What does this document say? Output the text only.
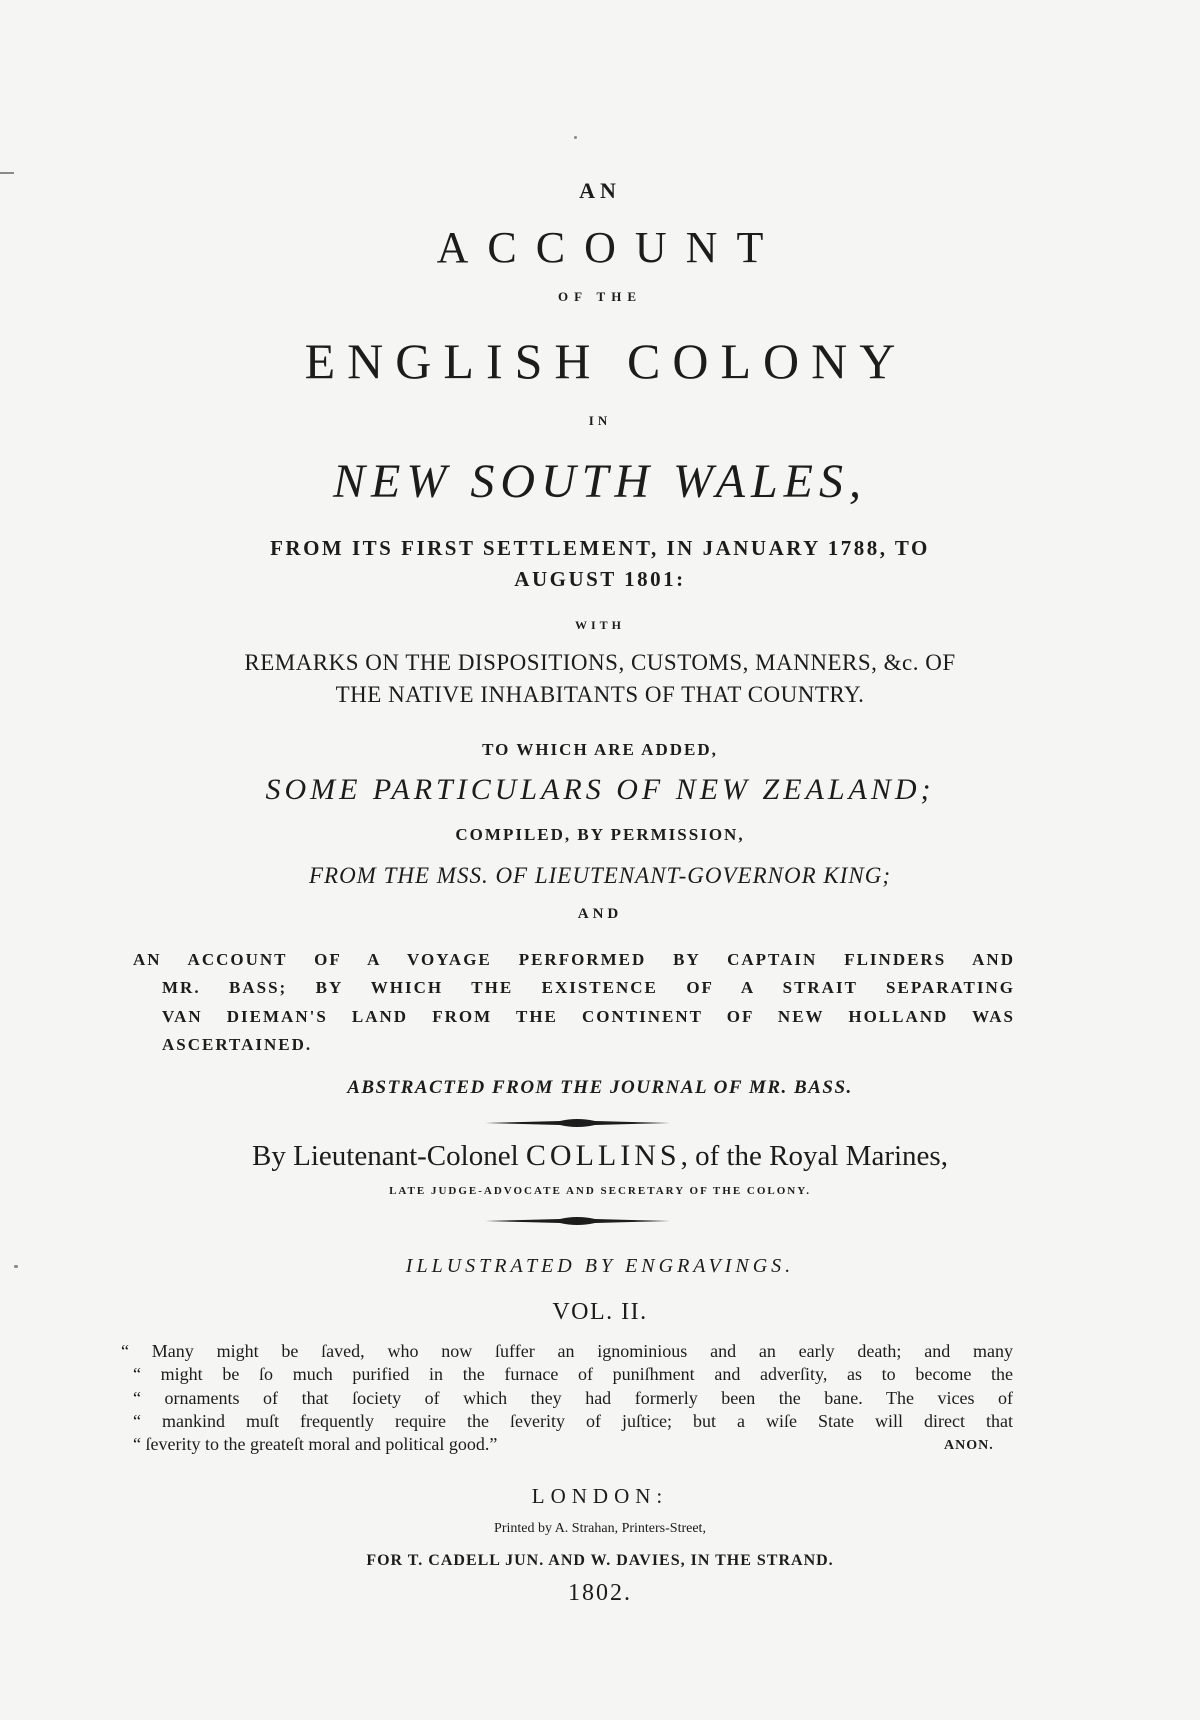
AN
ACCOUNT
OF THE
ENGLISH COLONY
IN
NEW SOUTH WALES,
FROM ITS FIRST SETTLEMENT, IN JANUARY 1788, TO
AUGUST 1801:
WITH
REMARKS ON THE DISPOSITIONS, CUSTOMS, MANNERS, &c. OF
THE NATIVE INHABITANTS OF THAT COUNTRY.
TO WHICH ARE ADDED,
SOME PARTICULARS OF NEW ZEALAND;
COMPILED, BY PERMISSION,
FROM THE MSS. OF LIEUTENANT-GOVERNOR KING;
AND
AN ACCOUNT OF A VOYAGE PERFORMED BY CAPTAIN FLINDERS AND
MR. BASS; BY WHICH THE EXISTENCE OF A STRAIT SEPARATING
VAN DIEMAN'S LAND FROM THE CONTINENT OF NEW HOLLAND WAS
ASCERTAINED.
ABSTRACTED FROM THE JOURNAL OF MR. BASS.
By Lieutenant-Colonel COLLINS, of the Royal Marines,
LATE JUDGE-ADVOCATE AND SECRETARY OF THE COLONY.
ILLUSTRATED BY ENGRAVINGS.
VOL. II.
“ Many might be ſaved, who now ſuffer an ignominious and an early death; and many
“ might be ſo much purified in the furnace of puniſhment and adverſity, as to become the
“ ornaments of that ſociety of which they had formerly been the bane. The vices of
“ mankind muſt frequently require the ſeverity of juſtice; but a wiſe State will direct that
“ ſeverity to the greateſt moral and political good.”	ANON.
LONDON:
Printed by A. Strahan, Printers-Street,
FOR T. CADELL JUN. AND W. DAVIES, IN THE STRAND.
1802.
